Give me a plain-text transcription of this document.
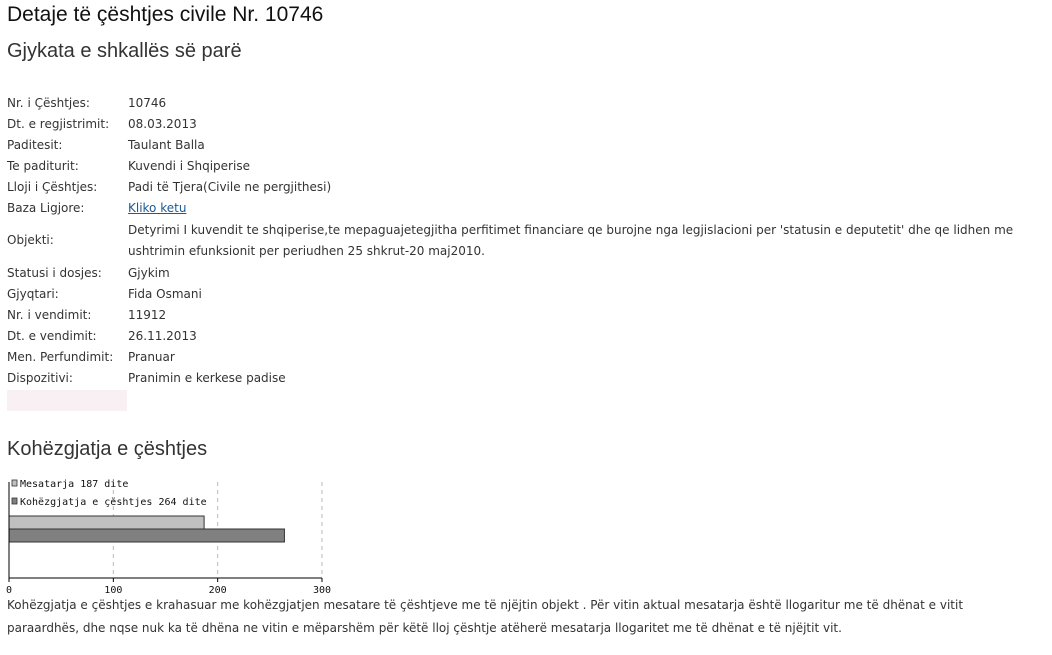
Detaje të çështjes civile Nr. 10746
Gjykata e shkallës së parë
Nr. i Çështjes:	10746
Dt. e regjistrimit:	08.03.2013
Paditesit:	Taulant Balla
Te paditurit:	Kuvendi i Shqiperise
Lloji i Çështjes:	Padi të Tjera(Civile ne pergjithesi)
Baza Ligjore:	Kliko ketu
Objekti:	Detyrimi I kuvendit te shqiperise,te mepaguajetegjitha perfitimet financiare qe burojne nga legjislacioni per 'statusin e deputetit' dhe qe lidhen me ushtrimin efunksionit per periudhen 25 shkrut-20 maj2010.
Statusi i dosjes:	Gjykim
Gjyqtari:	Fida Osmani
Nr. i vendimit:	11912
Dt. e vendimit:	26.11.2013
Men. Perfundimit:	Pranuar
Dispozitivi:	Pranimin e kerkese padise
Kohëzgjatja e çështjes
Mesatarja 187 dite
Kohëzgjatja e çështjes 264 dite
0	100	200	300
Kohëzgjatja e çështjes e krahasuar me kohëzgjatjen mesatare të çështjeve me të njëjtin objekt . Për vitin aktual mesatarja është llogaritur me të dhënat e vitit paraardhës, dhe nqse nuk ka të dhëna ne vitin e mëparshëm për këtë lloj çështje atëherë mesatarja llogaritet me të dhënat e të njëjtit vit.
